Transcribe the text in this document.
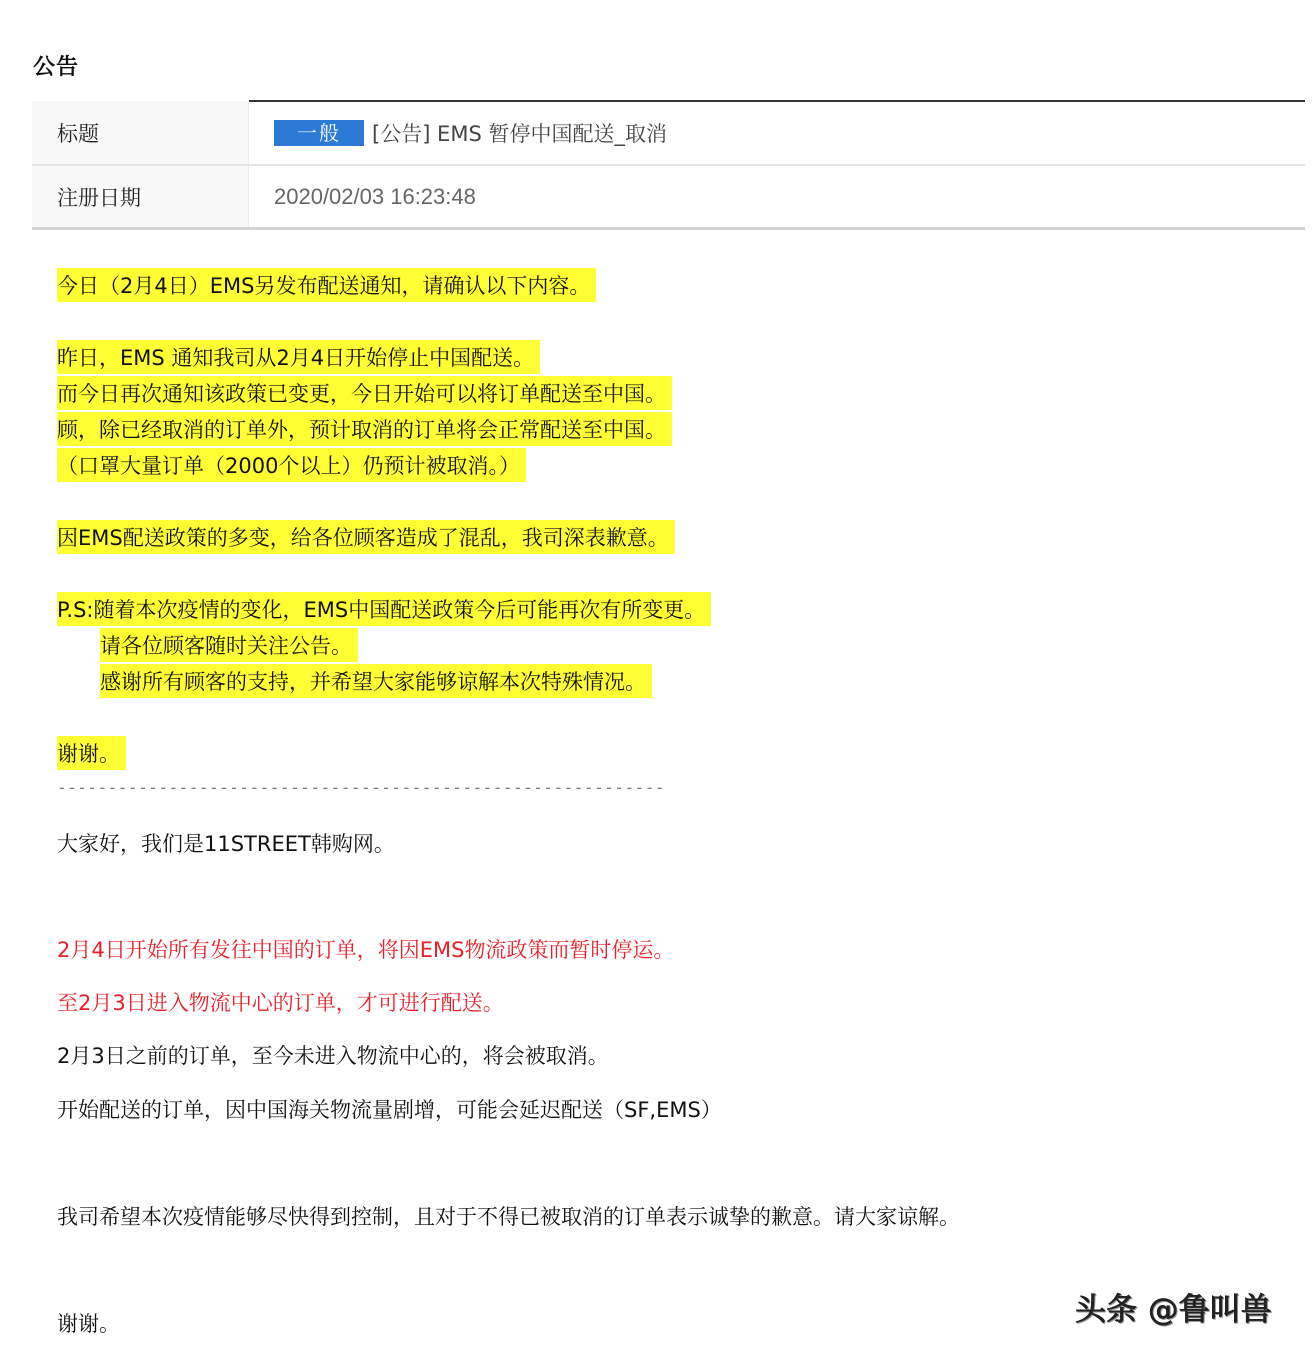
公告
标题	一般	[公告] EMS 暂停中国配送_取消
注册日期	2020/02/03 16:23:48
今日（2月4日）EMS另发布配送通知，请确认以下内容。
昨日，EMS 通知我司从2月4日开始停止中国配送。
而今日再次通知该政策已变更，今日开始可以将订单配送至中国。
顾，除已经取消的订单外，预计取消的订单将会正常配送至中国。
（口罩大量订单（2000个以上）仍预计被取消。）
因EMS配送政策的多变，给各位顾客造成了混乱，我司深表歉意。
P.S:随着本次疫情的变化，EMS中国配送政策今后可能再次有所变更。
请各位顾客随时关注公告。
感谢所有顾客的支持，并希望大家能够谅解本次特殊情况。
谢谢。
------------------------------------------------------------
大家好，我们是11STREET韩购网。
2月4日开始所有发往中国的订单，将因EMS物流政策而暂时停运。
至2月3日进入物流中心的订单，才可进行配送。
2月3日之前的订单，至今未进入物流中心的，将会被取消。
开始配送的订单，因中国海关物流量剧增，可能会延迟配送（SF,EMS）
我司希望本次疫情能够尽快得到控制，且对于不得已被取消的订单表示诚挚的歉意。请大家谅解。
谢谢。	头条 @鲁叫兽
